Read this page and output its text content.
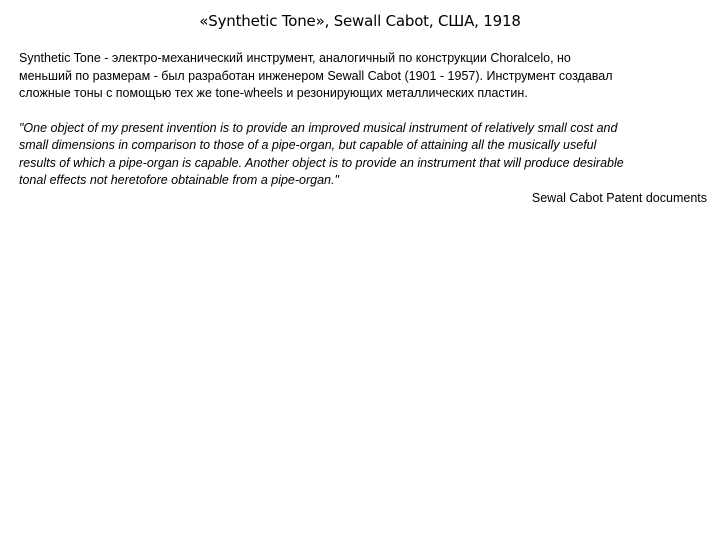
«Synthetic Tone», Sewall Cabot, США, 1918

Synthetic Tone - электро-механический инструмент, аналогичный по конструкции Choralcelo, но
меньший по размерам - был разработан инженером Sewall Cabot (1901 - 1957). Инструмент создавал
сложные тоны с помощью тех же tone-wheels и резонирующих металлических пластин.

"One object of my present invention is to provide an improved musical instrument of relatively small cost and
small dimensions in comparison to those of a pipe-organ, but capable of attaining all the musically useful
results of which a pipe-organ is capable. Another object is to provide an instrument that will produce desirable
tonal effects not heretofore obtainable from a pipe-organ."

Sewal Cabot Patent documents
